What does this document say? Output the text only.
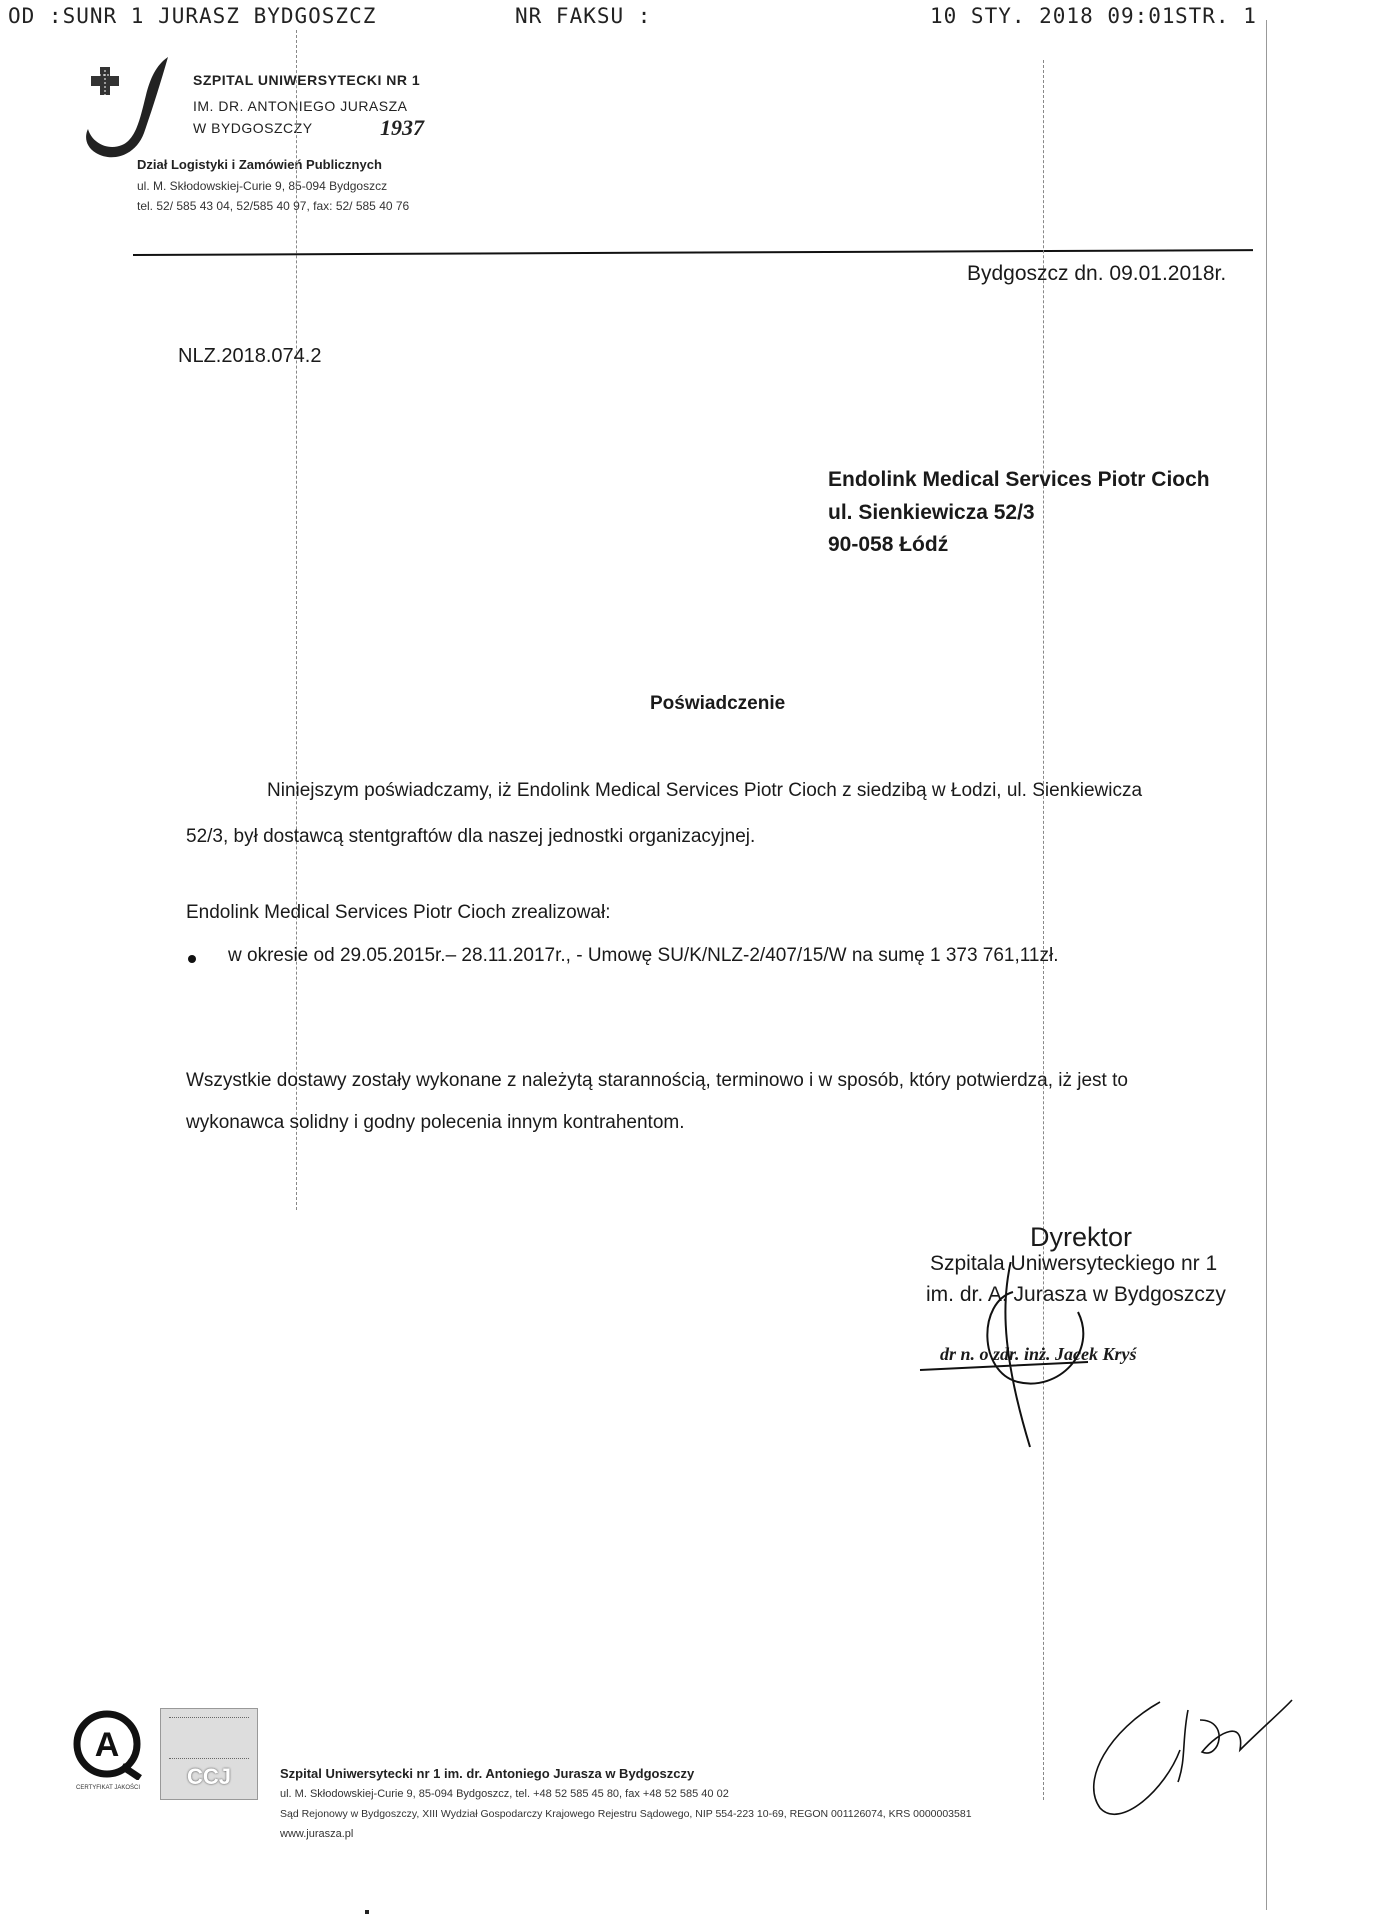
OD :SUNR 1 JURASZ BYDGOSZCZ	NR FAKSU :	10 STY. 2018 09:01 STR. 1
SZPITAL UNIWERSYTECKI NR 1
IM. DR. ANTONIEGO JURASZA
W BYDGOSZCZY	1937
Dział Logistyki i Zamówień Publicznych
ul. M. Skłodowskiej-Curie 9, 85-094 Bydgoszcz
tel. 52/ 585 43 04, 52/585 40 97, fax: 52/ 585 40 76
Bydgoszcz dn. 09.01.2018r.
NLZ.2018.074.2
Endolink Medical Services Piotr Cioch
ul. Sienkiewicza 52/3
90-058 Łódź
Poświadczenie
Niniejszym poświadczamy, iż Endolink Medical Services Piotr Cioch z siedzibą w Łodzi, ul. Sienkiewicza
52/3, był dostawcą stentgraftów dla naszej jednostki organizacyjnej.
Endolink Medical Services Piotr Cioch zrealizował:
w okresie od 29.05.2015r.– 28.11.2017r., - Umowę SU/K/NLZ-2/407/15/W na sumę 1 373 761,11zł.
Wszystkie dostawy zostały wykonane z należytą starannością, terminowo i w sposób, który potwierdza, iż jest to
wykonawca solidny i godny polecenia innym kontrahentom.
Dyrektor
Szpitala Uniwersyteckiego nr 1
im. dr. A. Jurasza w Bydgoszczy
dr n. o zdr. inż. Jacek Kryś
A
CERTYFIKAT JAKOŚCI	CCJ	Szpital Uniwersytecki nr 1 im. dr. Antoniego Jurasza w Bydgoszczy
ul. M. Skłodowskiej-Curie 9, 85-094 Bydgoszcz, tel. +48 52 585 45 80, fax +48 52 585 40 02
Sąd Rejonowy w Bydgoszczy, XIII Wydział Gospodarczy Krajowego Rejestru Sądowego, NIP 554-223 10-69, REGON 001126074, KRS 0000003581
www.jurasza.pl
